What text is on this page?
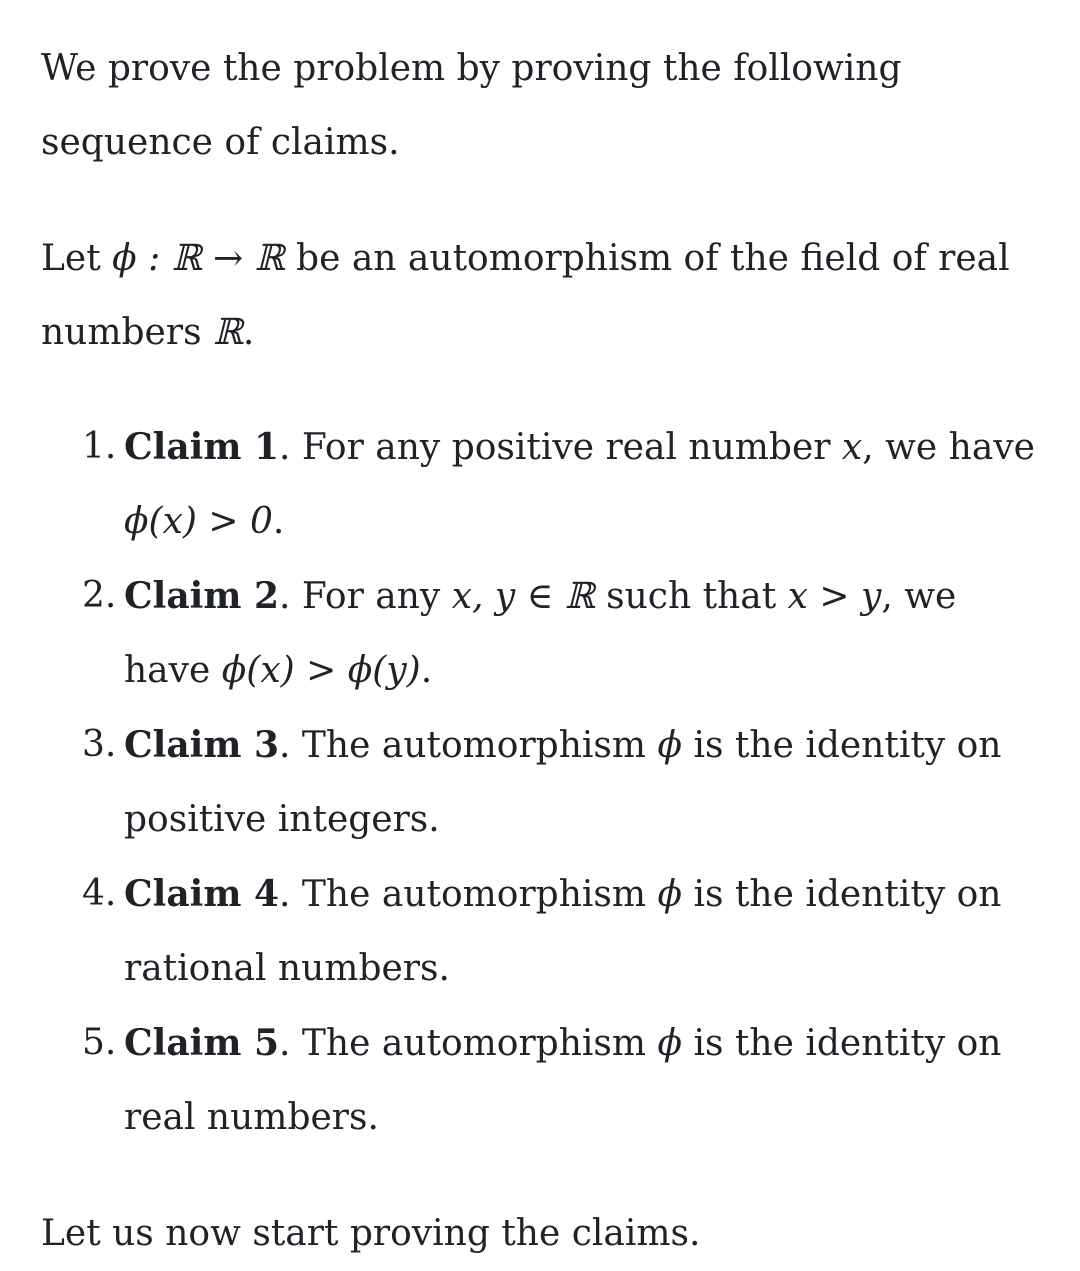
We prove the problem by proving the following sequence of claims.

Let ϕ : ℝ → ℝ be an automorphism of the field of real numbers ℝ.

1. Claim 1. For any positive real number x, we have ϕ(x) > 0.
2. Claim 2. For any x, y ∈ ℝ such that x > y, we have ϕ(x) > ϕ(y).
3. Claim 3. The automorphism ϕ is the identity on positive integers.
4. Claim 4. The automorphism ϕ is the identity on rational numbers.
5. Claim 5. The automorphism ϕ is the identity on real numbers.

Let us now start proving the claims.
